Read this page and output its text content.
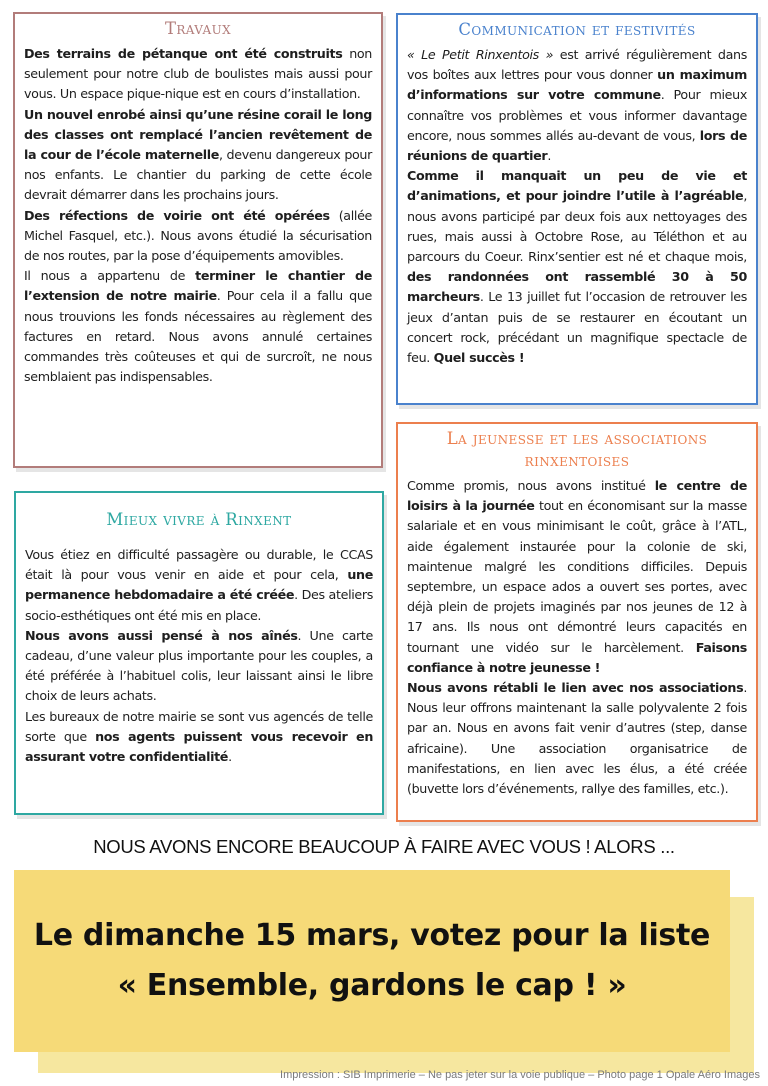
Travaux

Des terrains de pétanque ont été construits non seulement pour notre club de boulistes mais aussi pour vous. Un espace pique-nique est en cours d’installation.

Un nouvel enrobé ainsi qu’une résine corail le long des classes ont remplacé l’ancien revêtement de la cour de l’école maternelle, devenu dangereux pour nos enfants. Le chantier du parking de cette école devrait démarrer dans les prochains jours.

Des réfections de voirie ont été opérées (allée Michel Fasquel, etc.). Nous avons étudié la sécurisation de nos routes, par la pose d’équipements amovibles.

Il nous a appartenu de terminer le chantier de l’extension de notre mairie. Pour cela il a fallu que nous trouvions les fonds nécessaires au règlement des factures en retard. Nous avons annulé certaines commandes très coûteuses et qui de surcroît, ne nous semblaient pas indispensables.

Communication et festivités

« Le Petit Rinxentois » est arrivé régulièrement dans vos boîtes aux lettres pour vous donner un maximum d’informations sur votre commune. Pour mieux connaître vos problèmes et vous informer davantage encore, nous sommes allés au-devant de vous, lors de réunions de quartier.

Comme il manquait un peu de vie et d’animations, et pour joindre l’utile à l’agréable, nous avons participé par deux fois aux nettoyages des rues, mais aussi à Octobre Rose, au Téléthon et au parcours du Coeur. Rinx’sentier est né et chaque mois, des randonnées ont rassemblé 30 à 50 marcheurs. Le 13 juillet fut l’occasion de retrouver les jeux d’antan puis de se restaurer en écoutant un concert rock, précédant un magnifique spectacle de feu. Quel succès !

Mieux vivre à Rinxent

Vous étiez en difficulté passagère ou durable, le CCAS était là pour vous venir en aide et pour cela, une permanence hebdomadaire a été créée. Des ateliers socio-esthétiques ont été mis en place.

Nous avons aussi pensé à nos aînés. Une carte cadeau, d’une valeur plus importante pour les couples, a été préférée à l’habituel colis, leur laissant ainsi le libre choix de leurs achats.

Les bureaux de notre mairie se sont vus agencés de telle sorte que nos agents puissent vous recevoir en assurant votre confidentialité.

La jeunesse et les associations rinxentoises

Comme promis, nous avons institué le centre de loisirs à la journée tout en économisant sur la masse salariale et en vous minimisant le coût, grâce à l’ATL, aide également instaurée pour la colonie de ski, maintenue malgré les conditions difficiles. Depuis septembre, un espace ados a ouvert ses portes, avec déjà plein de projets imaginés par nos jeunes de 12 à 17 ans. Ils nous ont démontré leurs capacités en tournant une vidéo sur le harcèlement. Faisons confiance à notre jeunesse !

Nous avons rétabli le lien avec nos associations. Nous leur offrons maintenant la salle polyvalente 2 fois par an. Nous en avons fait venir d’autres (step, danse africaine). Une association organisatrice de manifestations, en lien avec les élus, a été créée (buvette lors d’événements, rallye des familles, etc.).

NOUS AVONS ENCORE BEAUCOUP À FAIRE AVEC VOUS ! ALORS ...
Le dimanche 15 mars, votez pour la liste
« Ensemble, gardons le cap ! »
Impression : SIB Imprimerie – Ne pas jeter sur la voie publique – Photo page 1 Opale Aéro Images
